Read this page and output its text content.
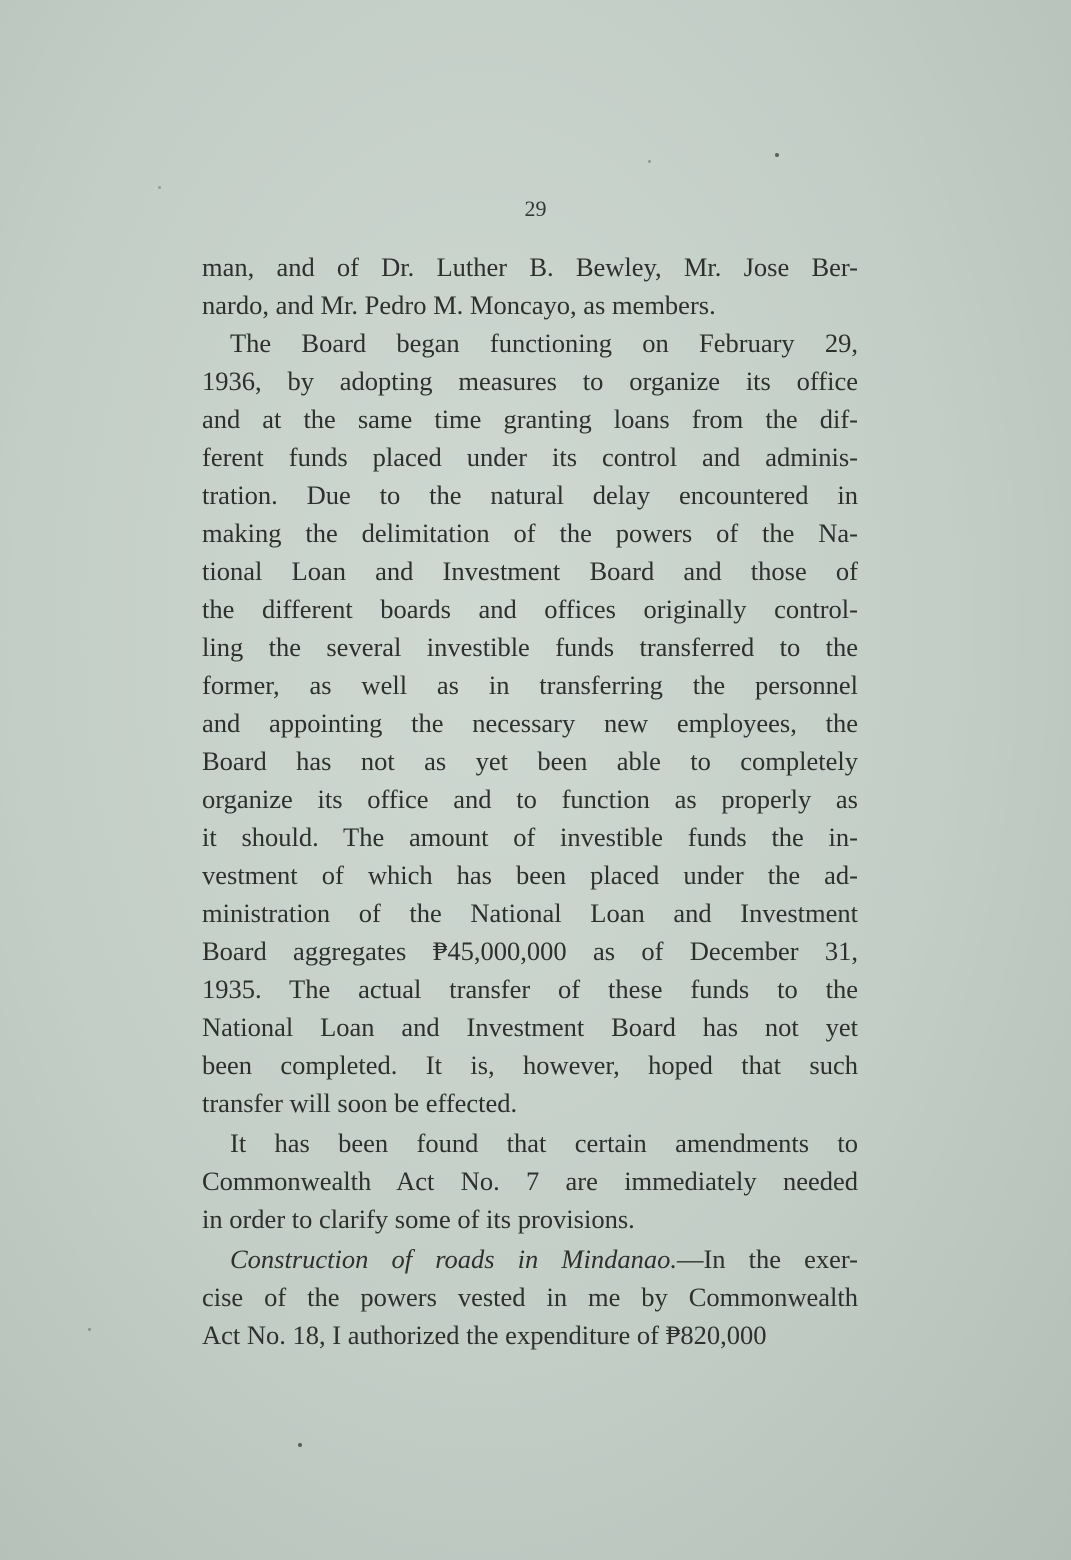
29
man, and of Dr. Luther B. Bewley, Mr. Jose Ber-
nardo, and Mr. Pedro M. Moncayo, as members.
The Board began functioning on February 29,
1936, by adopting measures to organize its office
and at the same time granting loans from the dif-
ferent funds placed under its control and adminis-
tration. Due to the natural delay encountered in
making the delimitation of the powers of the Na-
tional Loan and Investment Board and those of
the different boards and offices originally control-
ling the several investible funds transferred to the
former, as well as in transferring the personnel
and appointing the necessary new employees, the
Board has not as yet been able to completely
organize its office and to function as properly as
it should. The amount of investible funds the in-
vestment of which has been placed under the ad-
ministration of the National Loan and Investment
Board aggregates ₱45,000,000 as of December 31,
1935. The actual transfer of these funds to the
National Loan and Investment Board has not yet
been completed. It is, however, hoped that such
transfer will soon be effected.
It has been found that certain amendments to
Commonwealth Act No. 7 are immediately needed
in order to clarify some of its provisions.
Construction of roads in Mindanao.—In the exer-
cise of the powers vested in me by Commonwealth
Act No. 18, I authorized the expenditure of ₱820,000
